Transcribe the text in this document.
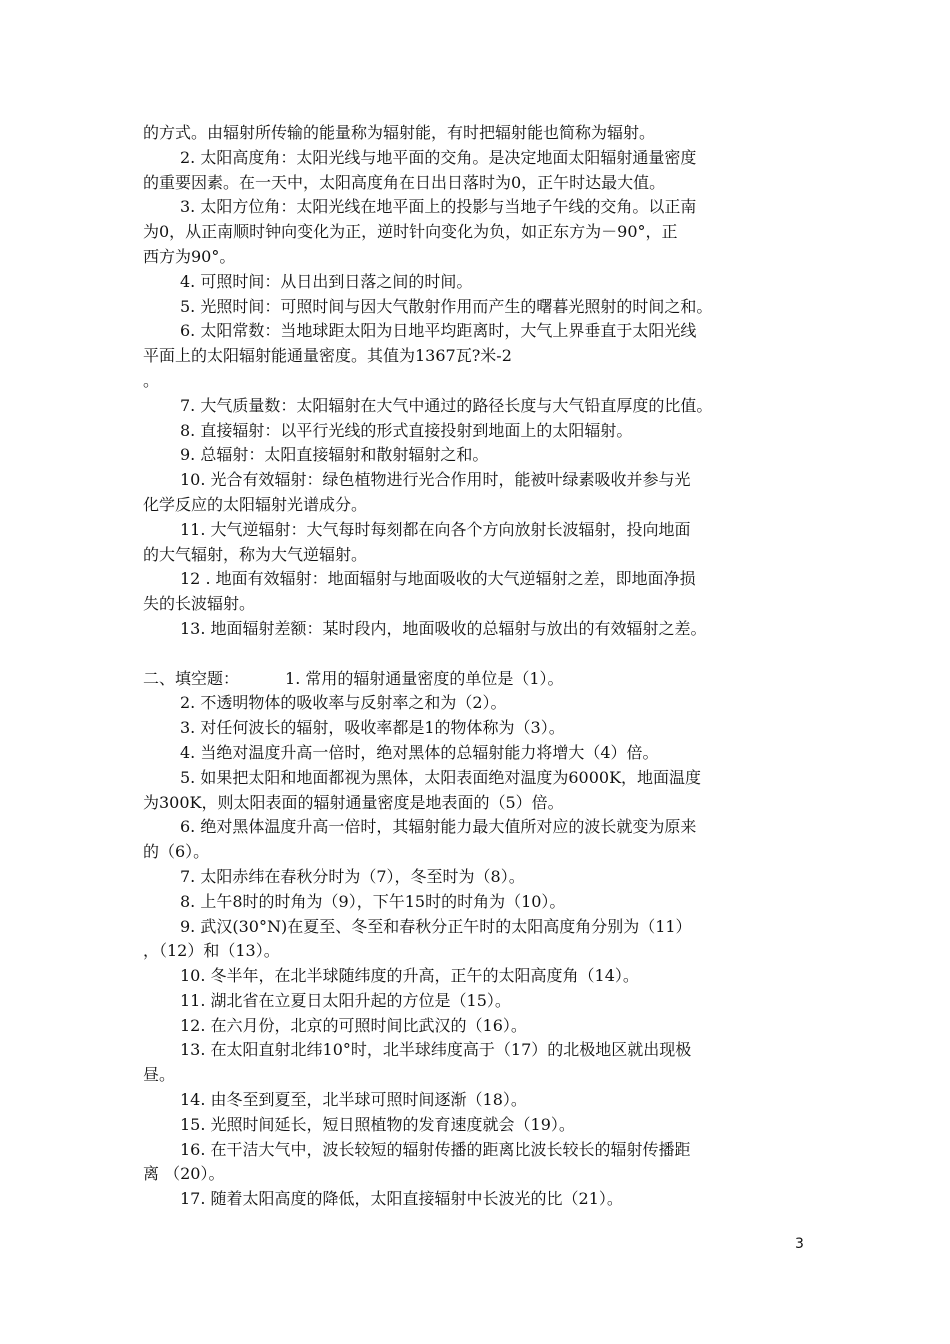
的方式。由辐射所传输的能量称为辐射能，有时把辐射能也简称为辐射。
2. 太阳高度角：太阳光线与地平面的交角。是决定地面太阳辐射通量密度
的重要因素。在一天中，太阳高度角在日出日落时为0，正午时达最大值。
3. 太阳方位角：太阳光线在地平面上的投影与当地子午线的交角。以正南
为0，从正南顺时钟向变化为正，逆时针向变化为负，如正东方为－90°，正
西方为90°。
4. 可照时间：从日出到日落之间的时间。
5. 光照时间：可照时间与因大气散射作用而产生的曙暮光照射的时间之和。
6. 太阳常数：当地球距太阳为日地平均距离时，大气上界垂直于太阳光线
平面上的太阳辐射能通量密度。其值为1367瓦?米-2
。
7. 大气质量数：太阳辐射在大气中通过的路径长度与大气铅直厚度的比值。
8. 直接辐射：以平行光线的形式直接投射到地面上的太阳辐射。
9. 总辐射：太阳直接辐射和散射辐射之和。
10. 光合有效辐射：绿色植物进行光合作用时，能被叶绿素吸收并参与光
化学反应的太阳辐射光谱成分。
11. 大气逆辐射：大气每时每刻都在向各个方向放射长波辐射，投向地面
的大气辐射，称为大气逆辐射。
12 . 地面有效辐射：地面辐射与地面吸收的大气逆辐射之差，即地面净损
失的长波辐射。
13. 地面辐射差额：某时段内，地面吸收的总辐射与放出的有效辐射之差。
二、填空题：	1. 常用的辐射通量密度的单位是（1）。
2. 不透明物体的吸收率与反射率之和为（2）。
3. 对任何波长的辐射，吸收率都是1的物体称为（3）。
4. 当绝对温度升高一倍时，绝对黑体的总辐射能力将增大（4）倍。
5. 如果把太阳和地面都视为黑体，太阳表面绝对温度为6000K，地面温度
为300K，则太阳表面的辐射通量密度是地表面的（5）倍。
6. 绝对黑体温度升高一倍时，其辐射能力最大值所对应的波长就变为原来
的（6）。
7. 太阳赤纬在春秋分时为（7），冬至时为（8）。
8. 上午8时的时角为（9），下午15时的时角为（10）。
9. 武汉(30°N)在夏至、冬至和春秋分正午时的太阳高度角分别为（11）
，（12）和（13）。
10. 冬半年，在北半球随纬度的升高，正午的太阳高度角（14）。
11. 湖北省在立夏日太阳升起的方位是（15）。
12. 在六月份，北京的可照时间比武汉的（16）。
13. 在太阳直射北纬10°时，北半球纬度高于（17）的北极地区就出现极
昼。
14. 由冬至到夏至，北半球可照时间逐渐（18）。
15. 光照时间延长，短日照植物的发育速度就会（19）。
16. 在干洁大气中，波长较短的辐射传播的距离比波长较长的辐射传播距
离 （20）。
17. 随着太阳高度的降低，太阳直接辐射中长波光的比（21）。
3
